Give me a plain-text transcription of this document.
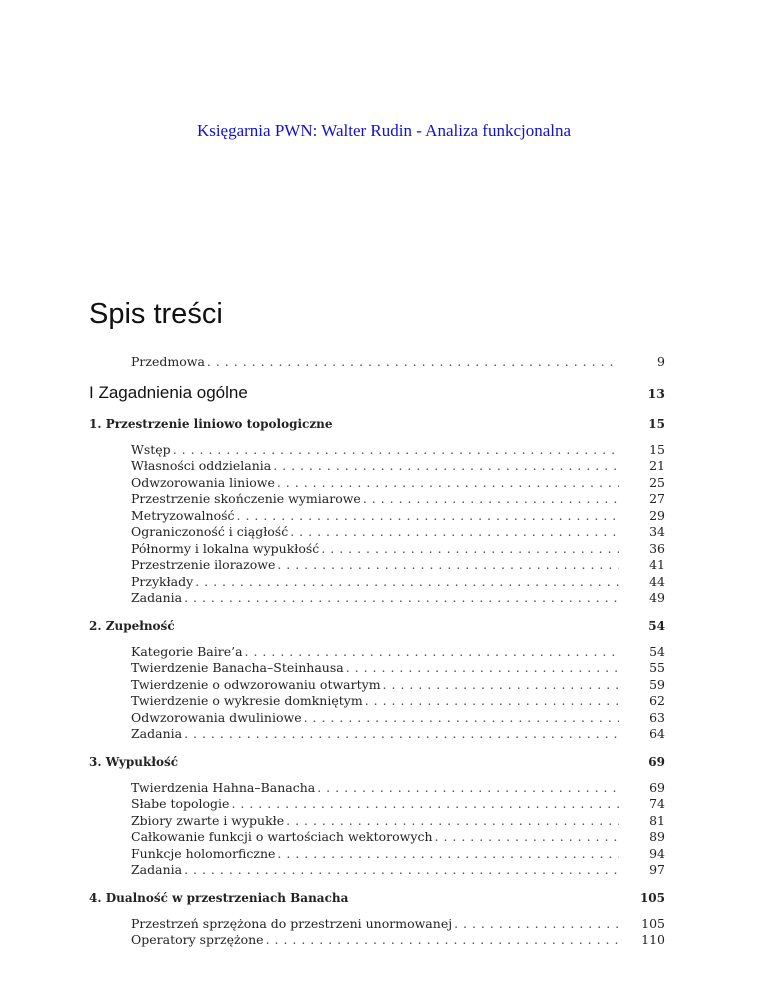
Księgarnia PWN: Walter Rudin - Analiza funkcjonalna
Spis treści
Przedmowa . . .	9
I Zagadnienia ogólne	13
1. Przestrzenie liniowo topologiczne	15
Wstęp . . .	15
Własności oddzielania . . .	21
Odwzorowania liniowe . . .	25
Przestrzenie skończenie wymiarowe . . .	27
Metryzowalność . . .	29
Ograniczoność i ciągłość . . .	34
Półnormy i lokalna wypukłość . . .	36
Przestrzenie ilorazowe . . .	41
Przykłady . . .	44
Zadania . . .	49
2. Zupełność	54
Kategorie Baire’a . . .	54
Twierdzenie Banacha–Steinhausa . . .	55
Twierdzenie o odwzorowaniu otwartym . . .	59
Twierdzenie o wykresie domkniętym . . .	62
Odwzorowania dwuliniowe . . .	63
Zadania . . .	64
3. Wypukłość	69
Twierdzenia Hahna–Banacha . . .	69
Słabe topologie . . .	74
Zbiory zwarte i wypukłe . . .	81
Całkowanie funkcji o wartościach wektorowych . . .	89
Funkcje holomorficzne . . .	94
Zadania . . .	97
4. Dualność w przestrzeniach Banacha	105
Przestrzeń sprzężona do przestrzeni unormowanej . . .	105
Operatory sprzężone . . .	110
